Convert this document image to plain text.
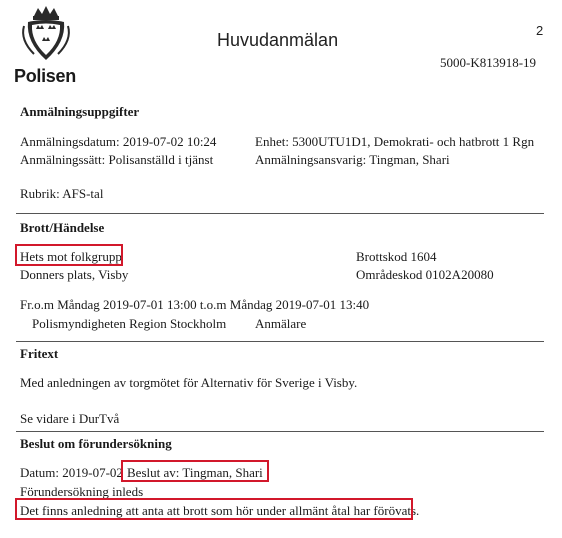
Polisen
Huvudanmälan	2
5000-K813918-19
Anmälningsuppgifter
Anmälningsdatum: 2019-07-02 10:24
Anmälningssätt: Polisanställd i tjänst
Enhet: 5300UTU1D1, Demokrati- och hatbrott 1 Rgn
Anmälningsansvarig: Tingman, Shari
Rubrik: AFS-tal
Brott/Händelse
Hets mot folkgrupp
Donners plats, Visby
Brottskod 1604
Områdeskod 0102A20080
Fr.o.m Måndag 2019-07-01 13:00 t.o.m Måndag 2019-07-01 13:40
Polismyndigheten Region Stockholm Anmälare
Fritext
Med anledningen av torgmötet för Alternativ för Sverige i Visby.
Se vidare i DurTvå
Beslut om förundersökning
Datum: 2019-07-02 Beslut av: Tingman, Shari
Förundersökning inleds
Det finns anledning att anta att brott som hör under allmänt åtal har förövats.
